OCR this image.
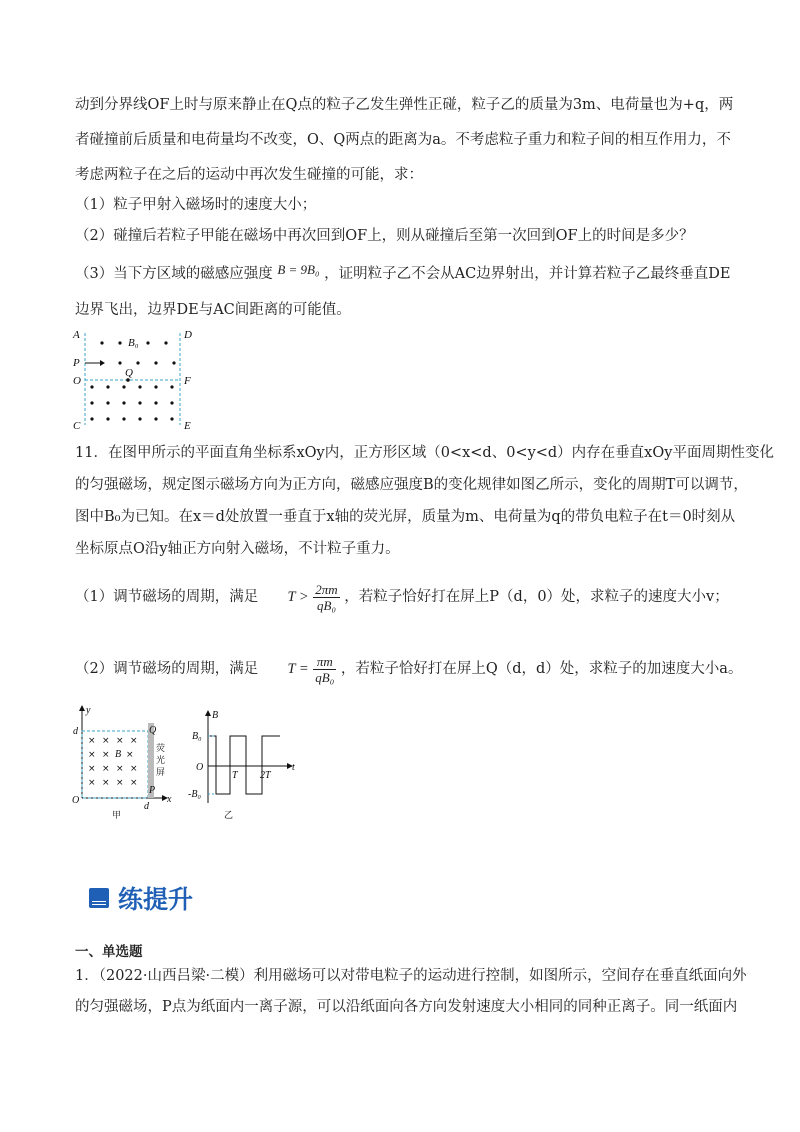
动到分界线OF上时与原来静止在Q点的粒子乙发生弹性正碰，粒子乙的质量为3m、电荷量也为+q，两
者碰撞前后质量和电荷量均不改变，O、Q两点的距离为a。不考虑粒子重力和粒子间的相互作用力，不
考虑两粒子在之后的运动中再次发生碰撞的可能，求：
（1）粒子甲射入磁场时的速度大小；
（2）碰撞后若粒子甲能在磁场中再次回到OF上，则从碰撞后至第一次回到OF上的时间是多少？
（3）当下方区域的磁感应强度 B = 9B₀ ，证明粒子乙不会从AC边界射出，并计算若粒子乙最终垂直DE
边界飞出，边界DE与AC间距离的可能值。
A	D
P
B₀
O
Q
F
C	E
11．在图甲所示的平面直角坐标系xOy内，正方形区域（0<x<d、0<y<d）内存在垂直xOy平面周期性变化
的匀强磁场，规定图示磁场方向为正方向，磁感应强度B的变化规律如图乙所示，变化的周期T可以调节，
图中B₀为已知。在x＝d处放置一垂直于x轴的荧光屏，质量为m、电荷量为q的带负电粒子在t＝0时刻从
坐标原点O沿y轴正方向射入磁场，不计粒子重力。
（1）调节磁场的周期，满足 $T > \frac{2\pi m}{\text{qB₀}}$ ，若粒子恰好打在屏上P（d，0）处，求粒子的速度大小v；
（2）调节磁场的周期，满足 $T = \frac{\pi m}{\text{qB₀}}$ ，若粒子恰好打在屏上Q（d，d）处，求粒子的加速度大小a。
× × × ×
× × ×
× × × ×
× × × ×
y
d	Q
B
P
O
d
x
荧
光
屏
甲
B
B₀
O
T 2T
t
-B₀
乙
练提升
一、单选题
1．（2022·山西吕梁·二模）利用磁场可以对带电粒子的运动进行控制，如图所示，空间存在垂直纸面向外
的匀强磁场，P点为纸面内一离子源，可以沿纸面向各方向发射速度大小相同的同种正离子。同一纸面内
